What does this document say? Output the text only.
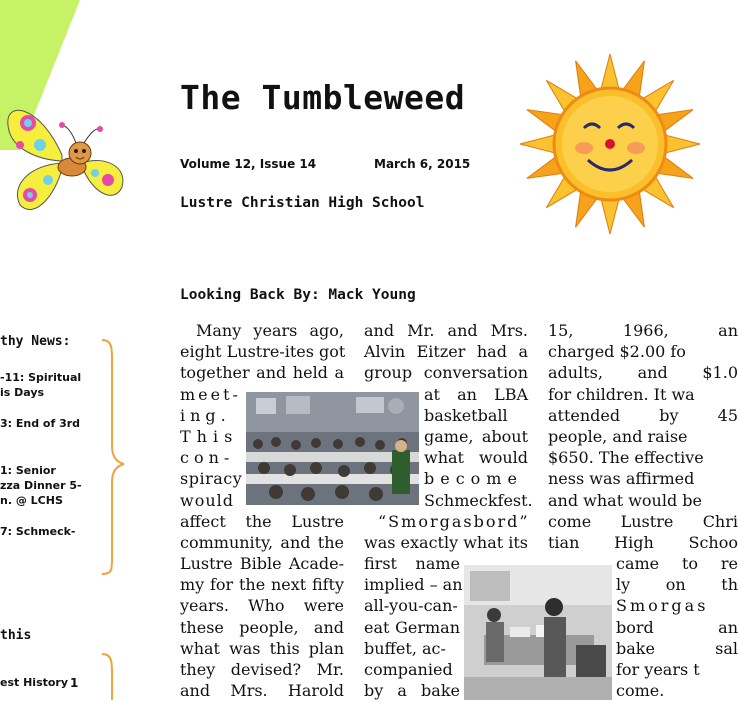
The Tumbleweed
Volume 12, Issue 14	March 6, 2015
Lustre Christian High School
Looking Back By: Mack Young
thy News:
-11: Spiritual
is Days
3: End of 3rd
1: Senior
zza Dinner 5-
n. @ LCHS
7: Schmeck-
this
est History 1
Many years ago,
eight Lustre-ites got
together and held a
meet-
ing.
This
con-
spiracy
would
affect the Lustre
community, and the
Lustre Bible Acade-
my for the next fifty
years. Who were
these people, and
what was this plan
they devised? Mr.
and Mrs. Harold
and Mr. and Mrs.
Alvin Eitzer had a
group conversation
at an LBA
basketball
game, about
what would
become
Schmeckfest.
“Smorgasbord”
was exactly what its
first name
implied – an
all-you-can-
eat German
buffet, ac-
companied
by a bake
15, 1966, an
charged $2.00 fo
adults, and $1.0
for children. It wa
attended by 45
people, and raise
$650. The effective
ness was affirmed
and what would be
come Lustre Chri
tian High Schoo
came to re
ly on th
Smorgas
bord an
bake sal
for years t
come.
